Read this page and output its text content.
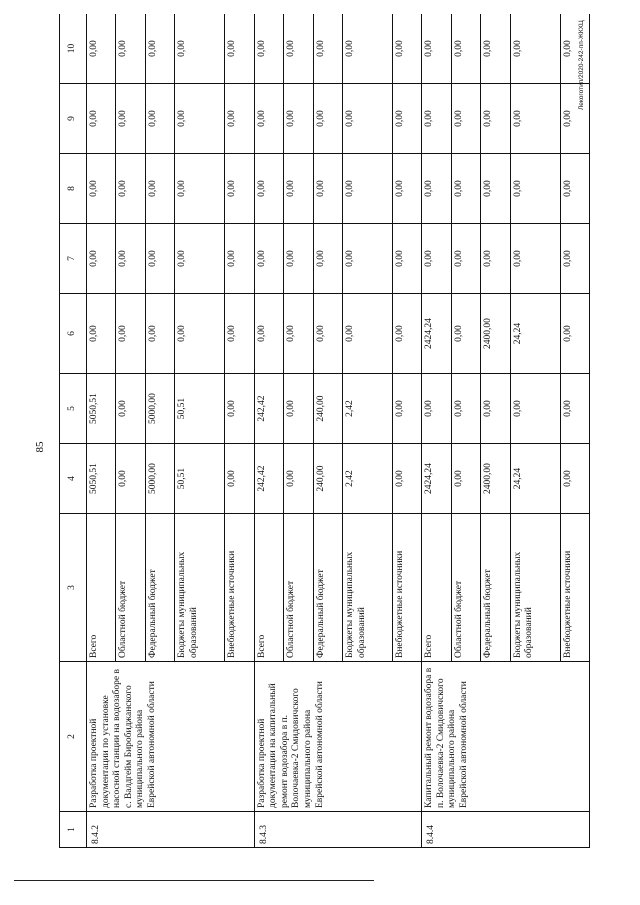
85
1	2	3	4	5	6	7	8	9	10
8.4.2	Разработка проектной документации по установке насосной станции на водозаборе в с. Валдгейм Биробиджанского муниципального района Еврейской автономной области	Всего	5050,51	5050,51	0,00	0,00	0,00	0,00	0,00
		Областной бюджет	0,00	0,00	0,00	0,00	0,00	0,00	0,00
		Федеральный бюджет	5000,00	5000,00	0,00	0,00	0,00	0,00	0,00
		Бюджеты муниципальных образований	50,51	50,51	0,00	0,00	0,00	0,00	0,00
		Внебюджетные источники	0,00	0,00	0,00	0,00	0,00	0,00	0,00
8.4.3	Разработка проектной документации на капитальный ремонт водозабора в п. Волочаевка-2 Смидовичского муниципального района Еврейской автономной области	Всего	242,42	242,42	0,00	0,00	0,00	0,00	0,00
		Областной бюджет	0,00	0,00	0,00	0,00	0,00	0,00	0,00
		Федеральный бюджет	240,00	240,00	0,00	0,00	0,00	0,00	0,00
		Бюджеты муниципальных образований	2,42	2,42	0,00	0,00	0,00	0,00	0,00
		Внебюджетные источники	0,00	0,00	0,00	0,00	0,00	0,00	0,00
8.4.4	Капитальный ремонт водозабора в п. Волочаевка-2 Смидовичского муниципального района Еврейской автономной области	Всего	2424,24	0,00	2424,24	0,00	0,00	0,00	0,00
		Областной бюджет	0,00	0,00	0,00	0,00	0,00	0,00	0,00
		Федеральный бюджет	2400,00	0,00	2400,00	0,00	0,00	0,00	0,00
		Бюджеты муниципальных образований	24,24	0,00	24,24	0,00	0,00	0,00	0,00
		Внебюджетные источники	0,00	0,00	0,00	0,00	0,00	0,00	0,00 Лекоготип/2020-242-пп-ЖКХЦ
